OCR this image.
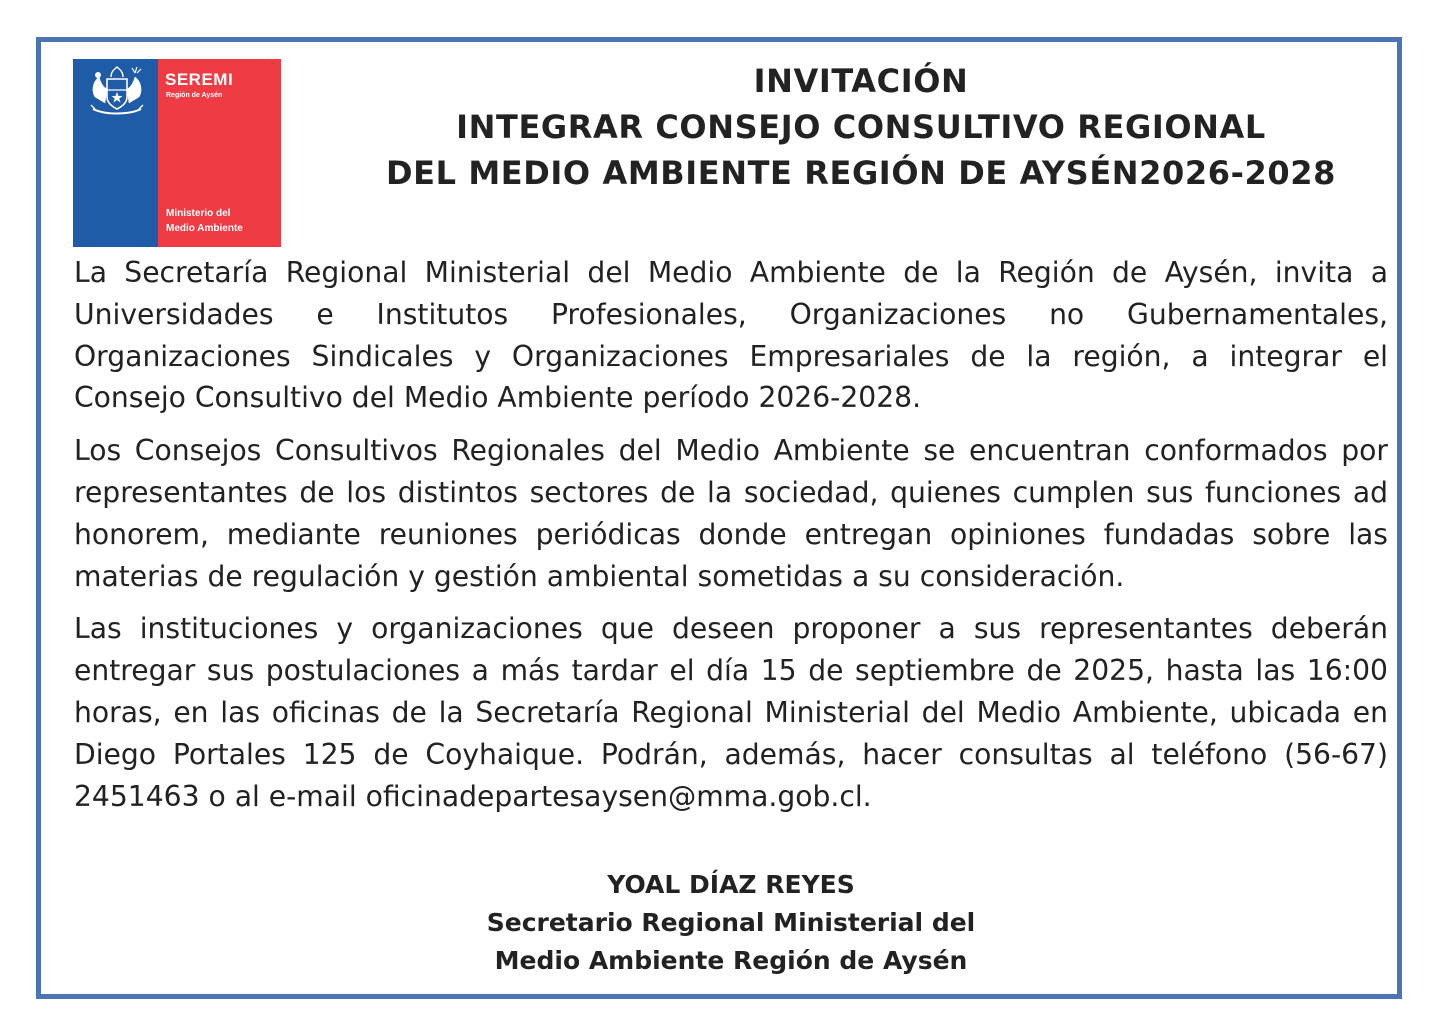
SEREMI
Región de Aysén
Ministerio del
Medio Ambiente
INVITACIÓN
INTEGRAR CONSEJO CONSULTIVO REGIONAL
DEL MEDIO AMBIENTE REGIÓN DE AYSÉN2026-2028

La Secretaría Regional Ministerial del Medio Ambiente de la Región de Aysén, invita a Universidades e Institutos Profesionales, Organizaciones no Gubernamentales, Organizaciones Sindicales y Organizaciones Empresariales de la región, a integrar el Consejo Consultivo del Medio Ambiente período 2026-2028.

Los Consejos Consultivos Regionales del Medio Ambiente se encuentran conformados por representantes de los distintos sectores de la sociedad, quienes cumplen sus funciones ad honorem, mediante reuniones periódicas donde entregan opiniones fundadas sobre las materias de regulación y gestión ambiental sometidas a su consideración.

Las instituciones y organizaciones que deseen proponer a sus representantes deberán entregar sus postulaciones a más tardar el día 15 de septiembre de 2025, hasta las 16:00 horas, en las oficinas de la Secretaría Regional Ministerial del Medio Ambiente, ubicada en Diego Portales 125 de Coyhaique. Podrán, además, hacer consultas al teléfono (56-67) 2451463 o al e-mail oficinadepartesaysen@mma.gob.cl.

YOAL DÍAZ REYES
Secretario Regional Ministerial del
Medio Ambiente Región de Aysén
